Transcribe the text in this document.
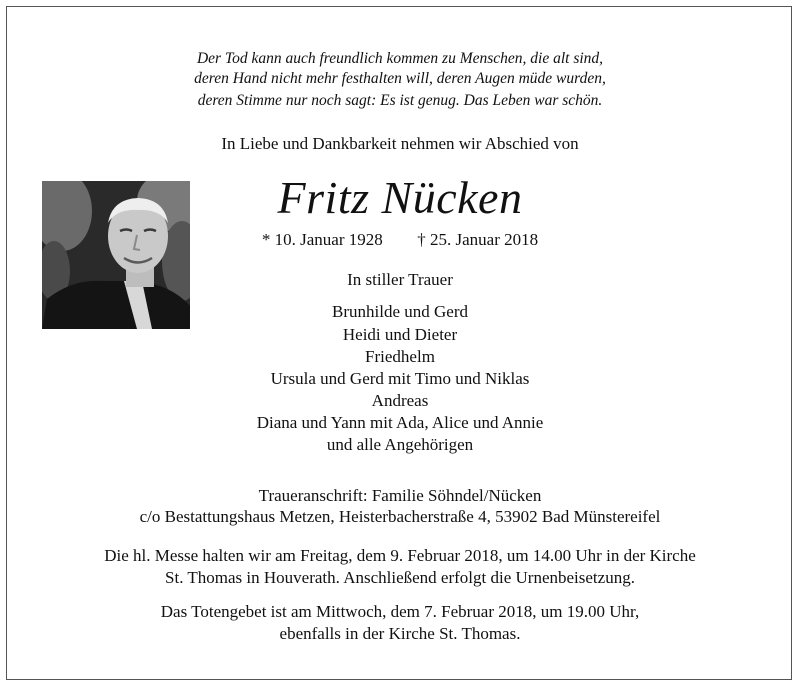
Der Tod kann auch freundlich kommen zu Menschen, die alt sind,
deren Hand nicht mehr festhalten will, deren Augen müde wurden,
deren Stimme nur noch sagt: Es ist genug. Das Leben war schön.
In Liebe und Dankbarkeit nehmen wir Abschied von
Fritz Nücken
* 10. Januar 1928 † 25. Januar 2018
In stiller Trauer
Brunhilde und Gerd
Heidi und Dieter
Friedhelm
Ursula und Gerd mit Timo und Niklas
Andreas
Diana und Yann mit Ada, Alice und Annie
und alle Angehörigen
Traueranschrift: Familie Söhndel/Nücken
c/o Bestattungshaus Metzen, Heisterbacherstraße 4, 53902 Bad Münstereifel
Die hl. Messe halten wir am Freitag, dem 9. Februar 2018, um 14.00 Uhr in der Kirche
St. Thomas in Houverath. Anschließend erfolgt die Urnenbeisetzung.
Das Totengebet ist am Mittwoch, dem 7. Februar 2018, um 19.00 Uhr,
ebenfalls in der Kirche St. Thomas.
